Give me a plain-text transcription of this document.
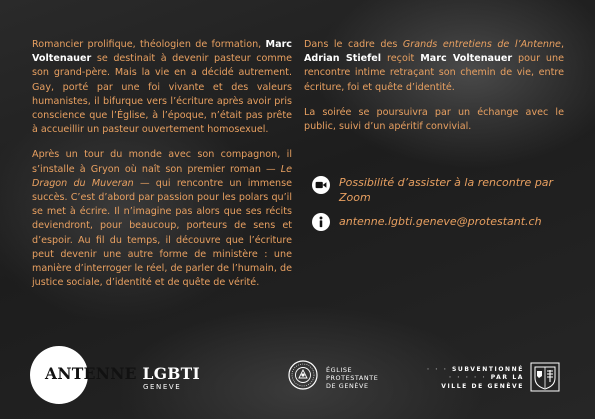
Romancier prolifique, théologien de formation, Marc Voltenauer se destinait à devenir pasteur comme son grand-père. Mais la vie en a décidé autrement. Gay, porté par une foi vivante et des valeurs humanistes, il bifurque vers l’écriture après avoir pris conscience que l’Église, à l’époque, n’était pas prête à accueillir un pasteur ouvertement homosexuel.

Après un tour du monde avec son compagnon, il s’installe à Gryon où naît son premier roman — Le Dragon du Muveran — qui rencontre un immense succès. C’est d’abord par passion pour les polars qu’il se met à écrire. Il n’imagine pas alors que ses récits deviendront, pour beaucoup, porteurs de sens et d’espoir. Au fil du temps, il découvre que l’écriture peut devenir une autre forme de ministère : une manière d’interroger le réel, de parler de l’humain, de justice sociale, d’identité et de quête de vérité.

Dans le cadre des Grands entretiens de l’Antenne, Adrian Stiefel reçoit Marc Voltenauer pour une rencontre intime retraçant son chemin de vie, entre écriture, foi et quête d’identité.

La soirée se poursuivra par un échange avec le public, suivi d’un apéritif convivial.

Possibilité d’assister à la rencontre par Zoom
antenne.lgbti.geneve@protestant.ch
ANTENNE LGBTI
GENEVE
ÉGLISE
PROTESTANTE
DE GENÈVE
· · · SUBVENTIONNÉ
· · · · · PAR LA
VILLE DE GENÈVE
